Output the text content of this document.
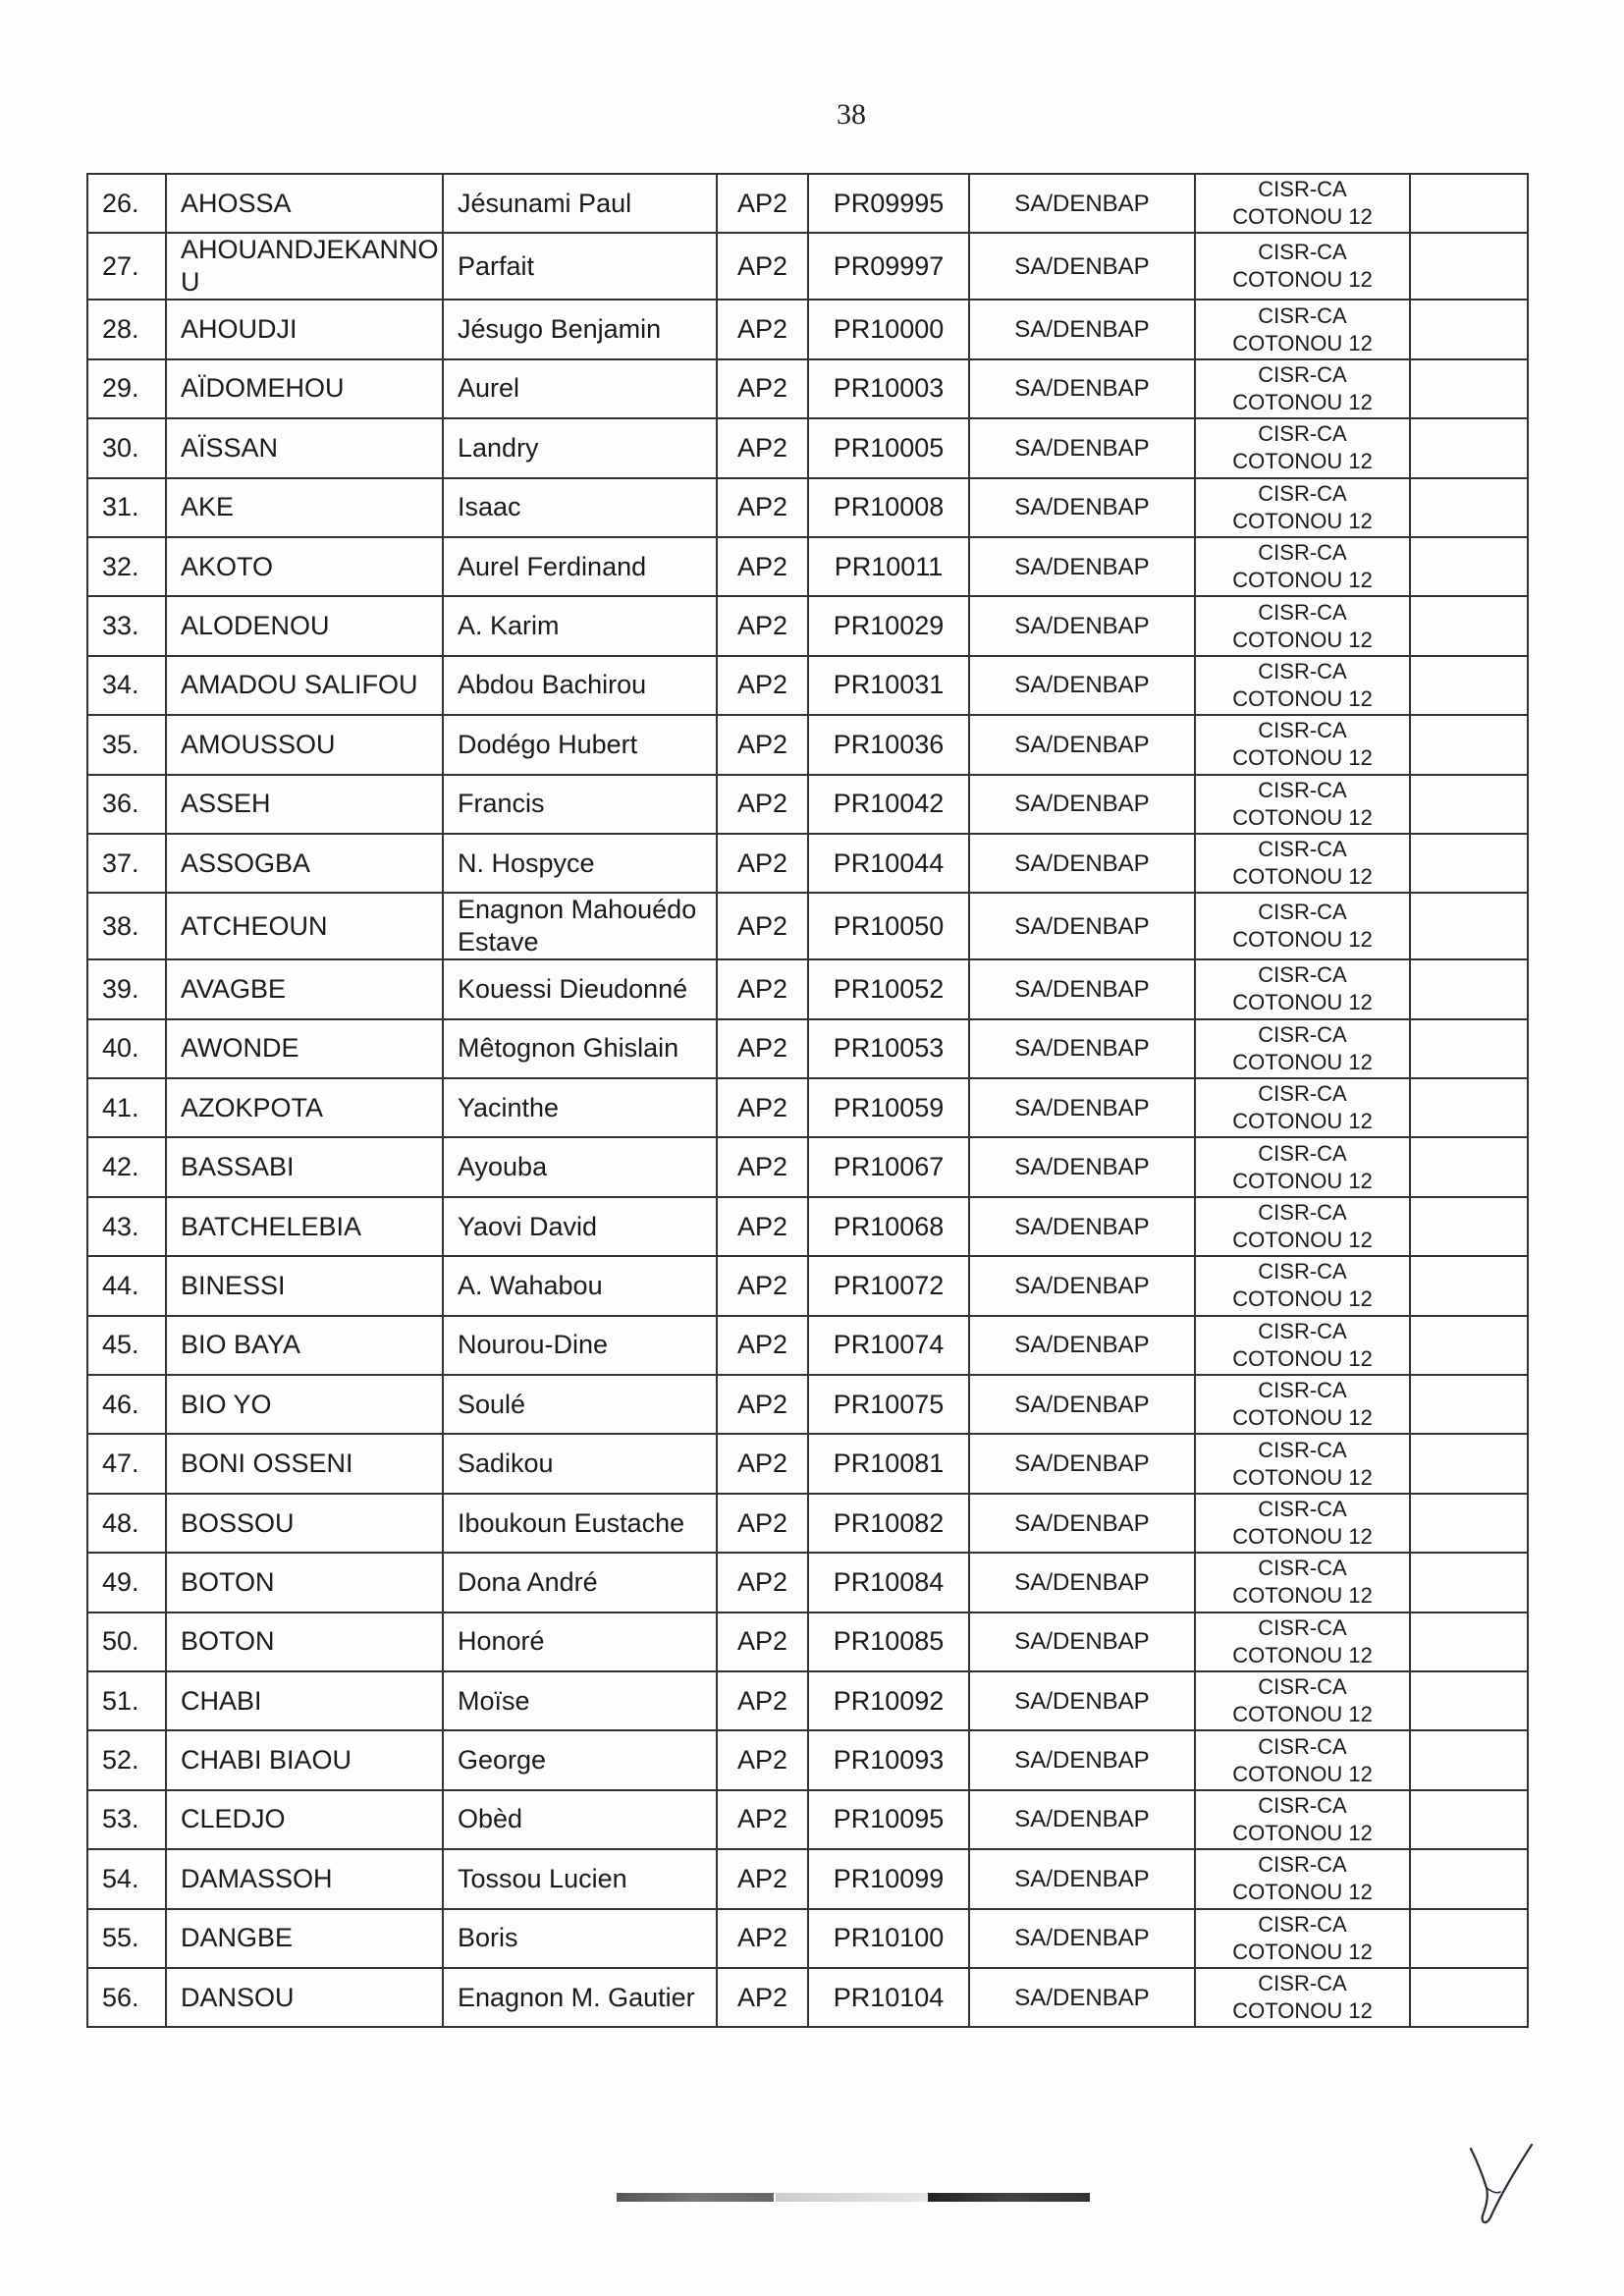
38
26.	AHOSSA	Jésunami Paul	AP2	PR09995	SA/DENBAP	CISR-CA
COTONOU 12	

27.	AHOUANDJEKANNO U	Parfait	AP2	PR09997	SA/DENBAP	CISR-CA
COTONOU 12	

28.	AHOUDJI	Jésugo Benjamin	AP2	PR10000	SA/DENBAP	CISR-CA
COTONOU 12	

29.	AÏDOMEHOU	Aurel	AP2	PR10003	SA/DENBAP	CISR-CA
COTONOU 12	

30.	AÏSSAN	Landry	AP2	PR10005	SA/DENBAP	CISR-CA
COTONOU 12	

31.	AKE	Isaac	AP2	PR10008	SA/DENBAP	CISR-CA
COTONOU 12	

32.	AKOTO	Aurel Ferdinand	AP2	PR10011	SA/DENBAP	CISR-CA
COTONOU 12	

33.	ALODENOU	A. Karim	AP2	PR10029	SA/DENBAP	CISR-CA
COTONOU 12	

34.	AMADOU SALIFOU	Abdou Bachirou	AP2	PR10031	SA/DENBAP	CISR-CA
COTONOU 12	

35.	AMOUSSOU	Dodégo Hubert	AP2	PR10036	SA/DENBAP	CISR-CA
COTONOU 12	

36.	ASSEH	Francis	AP2	PR10042	SA/DENBAP	CISR-CA
COTONOU 12	

37.	ASSOGBA	N. Hospyce	AP2	PR10044	SA/DENBAP	CISR-CA
COTONOU 12	

38.	ATCHEOUN	Enagnon Mahouédo Estave	AP2	PR10050	SA/DENBAP	CISR-CA
COTONOU 12	

39.	AVAGBE	Kouessi Dieudonné	AP2	PR10052	SA/DENBAP	CISR-CA
COTONOU 12	

40.	AWONDE	Mêtognon Ghislain	AP2	PR10053	SA/DENBAP	CISR-CA
COTONOU 12	

41.	AZOKPOTA	Yacinthe	AP2	PR10059	SA/DENBAP	CISR-CA
COTONOU 12	

42.	BASSABI	Ayouba	AP2	PR10067	SA/DENBAP	CISR-CA
COTONOU 12	

43.	BATCHELEBIA	Yaovi David	AP2	PR10068	SA/DENBAP	CISR-CA
COTONOU 12	

44.	BINESSI	A. Wahabou	AP2	PR10072	SA/DENBAP	CISR-CA
COTONOU 12	

45.	BIO BAYA	Nourou-Dine	AP2	PR10074	SA/DENBAP	CISR-CA
COTONOU 12	

46.	BIO YO	Soulé	AP2	PR10075	SA/DENBAP	CISR-CA
COTONOU 12	

47.	BONI OSSENI	Sadikou	AP2	PR10081	SA/DENBAP	CISR-CA
COTONOU 12	

48.	BOSSOU	Iboukoun Eustache	AP2	PR10082	SA/DENBAP	CISR-CA
COTONOU 12	

49.	BOTON	Dona André	AP2	PR10084	SA/DENBAP	CISR-CA
COTONOU 12	

50.	BOTON	Honoré	AP2	PR10085	SA/DENBAP	CISR-CA
COTONOU 12	

51.	CHABI	Moïse	AP2	PR10092	SA/DENBAP	CISR-CA
COTONOU 12	

52.	CHABI BIAOU	George	AP2	PR10093	SA/DENBAP	CISR-CA
COTONOU 12	

53.	CLEDJO	Obèd	AP2	PR10095	SA/DENBAP	CISR-CA
COTONOU 12	

54.	DAMASSOH	Tossou Lucien	AP2	PR10099	SA/DENBAP	CISR-CA
COTONOU 12	

55.	DANGBE	Boris	AP2	PR10100	SA/DENBAP	CISR-CA
COTONOU 12	

56.	DANSOU	Enagnon M. Gautier	AP2	PR10104	SA/DENBAP	CISR-CA
COTONOU 12	
